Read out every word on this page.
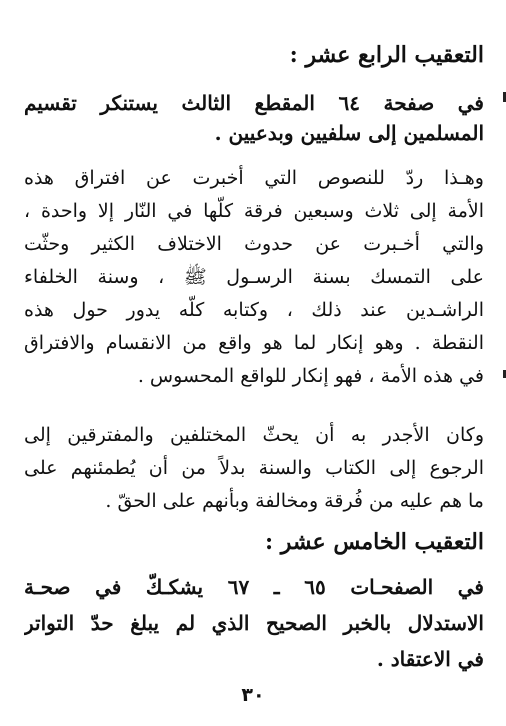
التعقيب الرابع عشر :
في صفحة ٦٤ المقطع الثالث يستنكر تقسيم
المسلمين إلى سلفيين وبدعيين .
وهـذا ردّ للنصوص التي أخبرت عن افتراق هذه
الأمة إلى ثلاث وسبعين فرقة كلّها في النّار إلا واحدة ،
والتي أخـبرت عن حدوث الاختلاف الكثير وحثّت
على التمسك بسنة الرسـول ﷺ ، وسنة الخلفاء
الراشـدين عند ذلك ، وكتابه كلّه يدور حول هذه
النقطة . وهو إنكار لما هو واقع من الانقسام والافتراق
في هذه الأمة ، فهو إنكار للواقع المحسوس .
وكان الأجدر به أن يحثّ المختلفين والمفترقين إلى
الرجوع إلى الكتاب والسنة بدلاً من أن يُطمئنهم على
ما هم عليه من فُرقة ومخالفة وبأنهم على الحقّ .
التعقيب الخامس عشر :
في الصفحـات ٦٥ ـ ٦٧ يشكـكّ في صحـة
الاستدلال بالخبر الصحيح الذي لم يبلغ حدّ التواتر
في الاعتقاد .
٣٠
